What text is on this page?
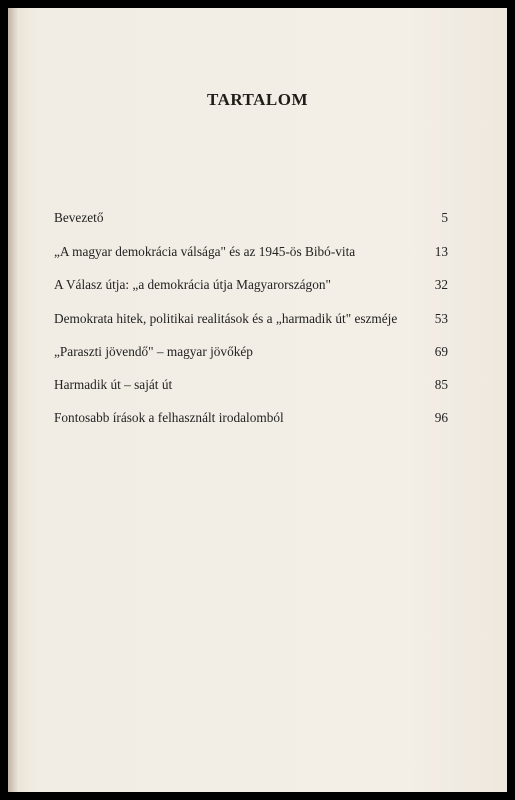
TARTALOM
Bevezető	5
„A magyar demokrácia válsága" és az 1945-ös Bibó-vita	13
A Válasz útja: „a demokrácia útja Magyarországon"	32
Demokrata hitek, politikai realitások és a „harmadik út" eszméje	53
„Paraszti jövendő" – magyar jövőkép	69
Harmadik út – saját út	85
Fontosabb írások a felhasznált irodalomból	96
